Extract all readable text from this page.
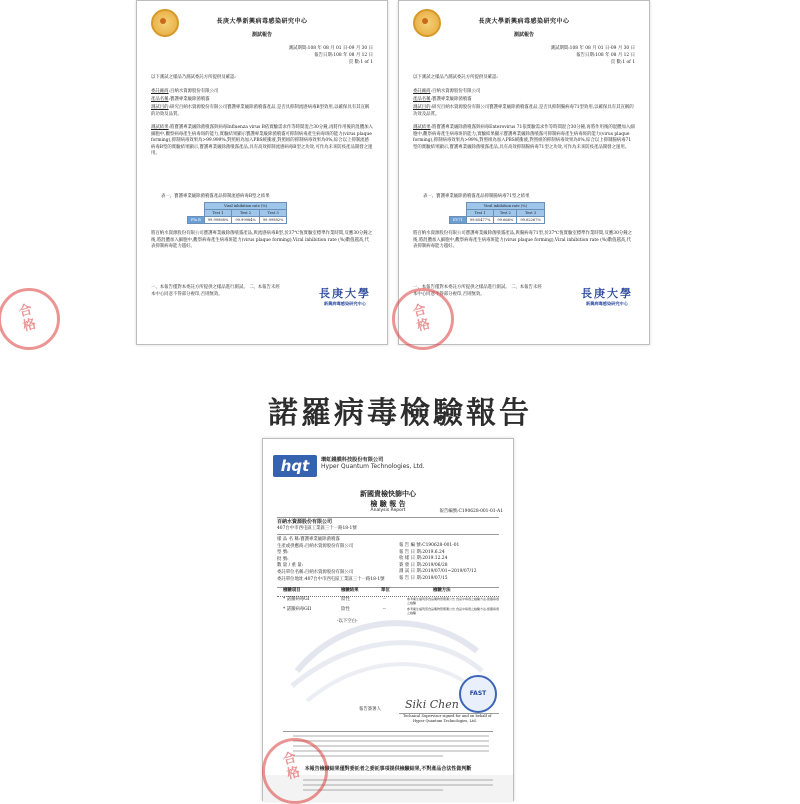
長庚大學新興病毒感染研究中心
測試報告
測試期間:108 年 08 月 01 日-09 月 30 日
報告日期:108 年 08 月 12 日
頁 數:1 of 1
以下測試之樣品乃測試委託方所提供及確認:
委託廠商:百納水資源股份有限公司
產品名稱:寶護專業級除菌噴霧
測試目的:研究百納水資源股份有限公司寶護專業級除菌噴霧產品,是否具抑制流感病毒B型效用,以確保具有其宣稱的功效及品質。
測試結果:將寶護專業級除菌噴霧與病毒Influenza virus B依實驗需求作等時間混合30分鐘,再將作用後的混體加入細胞中,觀察病毒產生病毒斑的能力,實驗結果顯示寶護專業級除菌噴霧可抑制病毒產生病毒斑的能力(virus plaque forming),抑制病毒效果為>99.999%,對照組為加入PBS緩衝液,對照組的抑制病毒效果為0%,綜合以上抑制流感病毒B型的實驗結果顯示,寶護專業級除菌噴霧產品,具有高效抑制流感病毒B型之功效,可作為未來防疫產品開發之運用。
表一、寶護專業級除菌噴霧產品抑制流感病毒B型之結果
	Viral inhibition rate (%)		
	Test 1	Test 2	Test 3
Flu B	99.99968%	99.99984%	99.99982%
將百納水資源股份有限公司寶護專業級除菌噴霧產品,與流感病毒B型,於37℃恆實驗室標準作業時間,反應30分鐘之後,將混體加入細胞中,觀察病毒產生病毒斑能力(virus plaque forming),Viral inhibition rate (%)數值越高,代表抑制病毒能力越好。
一、本報告僅對本委託方所提供之樣品進行測試。 二、本報告未經本中心同意不得部分複印,否則無效。	長庚大學
新興病毒感染研究中心
長庚大學新興病毒感染研究中心
測試報告
測試期間:108 年 08 月 01 日-09 月 30 日
報告日期:108 年 08 月 12 日
頁 數:1 of 1
以下測試之樣品乃測試委託方所提供及確認:
委託廠商:百納水資源股份有限公司
產品名稱:寶護專業級除菌噴霧
測試目的:研究百納水資源股份有限公司寶護專業級除菌噴霧產品,是否具抑制腸病毒71型效用,以確保具有其宣稱的功效及品質。
測試結果:將寶護專業級除菌噴霧與病毒Enterovirus 71依實驗需求作等時間混合30分鐘,再將作用後的混體加入細胞中,觀察病毒產生病毒斑的能力,實驗結果顯示寶護專業級除菌噴霧可抑制病毒產生病毒斑的能力(virus plaque forming),抑制病毒效果為>99%,對照組為加入PBS緩衝液,對照組的抑制病毒效果為0%,綜合以上抑制腸病毒71型的實驗結果顯示,寶護專業級除菌噴霧產品,具有高效抑制腸病毒71型之功效,可作為未來防疫產品開發之運用。
表一、寶護專業級除菌噴霧產品抑制腸病毒71型之結果
	Viral inhibition rate (%)		
	Test 1	Test 2	Test 3
EV71	99.65477%	99.666%	99.62267%
將百納水資源股份有限公司寶護專業級除菌噴霧產品,與腸病毒71型,於37℃恆實驗室標準作業時間,反應30分鐘之後,將混體加入細胞中,觀察病毒產生病毒斑能力(virus plaque forming),Viral inhibition rate (%)數值越高,代表抑制病毒能力越好。
一、本報告僅對本委託方所提供之樣品進行測試。 二、本報告未經本中心同意不得部分複印,否則無效。	長庚大學
新興病毒感染研究中心
合格
合格
諾羅病毒檢驗報告
hqt	環虹錢膜科技股份有限公司
Hyper Quantum Technologies, Ltd.
新國貴檢快篩中心
檢 驗 報 告
Analysis Report	報告編號:C190628-001-01-A1
百納水資源股份有限公司
407台中市西屯區工業區三十一路18-1號
樣 品 名 稱:寶護專業級除菌噴霧
生產或供應商:百納水資源股份有限公司
型 號:
批 號:
數 量 / 重 量:
委託單位名稱:百納水資源股份有限公司
委託單位地址:407台中市西屯區工業區三十一路18-1號
報 告 編 號:C190628-001-01
報 告 日 期:2019.6.24
收 樣 日 期:2019.12.24
簽 發 日 期:2019/06/28
測 試 日 期:2019/07/01~2019/07/12
報 告 日 期:2019/07/15
檢驗項目	檢驗結果	單位	檢驗方法
* 諾羅病毒GI	陰性	--	參考衛生福利部食品藥物管理署公告 食品中病毒之檢驗方法-諾羅病毒之檢驗
* 諾羅病毒GII	陰性	--	參考衛生福利部食品藥物管理署公告 食品中病毒之檢驗方法-諾羅病毒之檢驗
-以下空白-
FAST
報告簽署人 Siki Chen
Technical Supervisor signed for and on behalf of
Hyper Quantum Technologies, Ltd.
本報告檢驗結果僅對委託者之委託事項提供檢驗結果,不對產品合法性做判斷
合格
